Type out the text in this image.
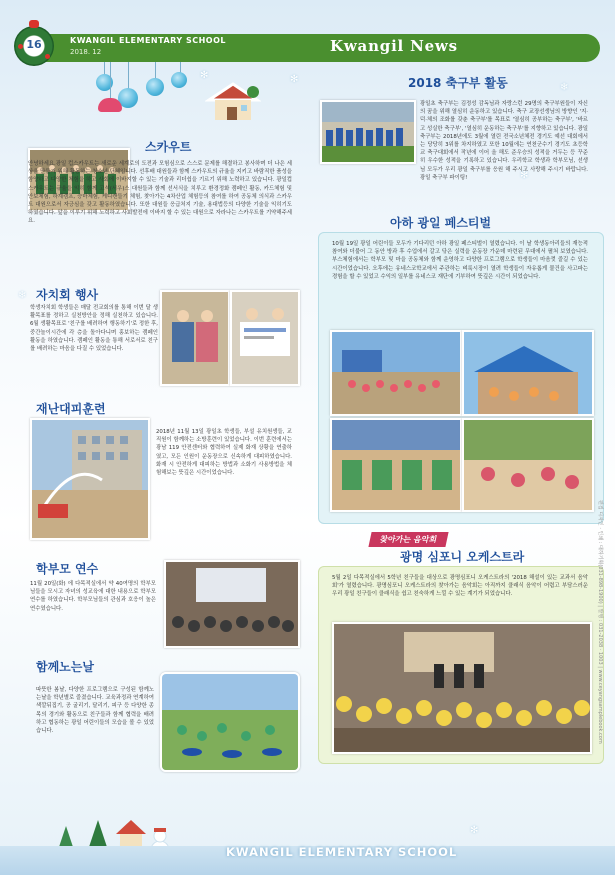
✻	✻
❄
✻
❄
✻
16	KWANGIL ELEMENTARY SCHOOL
2018. 12	Kwangil News
스카우트
안녕하세요.광일 컵스카우트는 새로운 세계로의 도전과 모험심으로 스스로 문제를 해결하고 봉사하며 더 나은 세상을 만들기 위해 활동하는 청소년 단체입니다. 선후배 대원들과 함께 스카우트의 규율을 지키고 바람직한 품성을 함양하고 다양한 체험을 하고 사회에 이바지할 수 있는 기술과 리더쉽을 기르기 위해 노력하고 있습니다. 광일컵스카우트는 규율을 익히 함께 고석(서우)스 대원들과 함께 선서식을 치루고 환경정화 캠페인 활동, 카드체험 및 안보체험, 하계캠프, 승마체험, 케디캔들기 체험, 찾아가는 4차산업 체험등의 참여를 하여 공동체 의식과 스카우트 대원으로서 자긍심을 갖고 활동하였습니다. 또한 대원들 응급처지 기술, 용대법등의 다양한 기술을 익히기도 하였습니다. 앞을 이루기 위해 노력하고 사회발전에 이바지 할 수 있는 대원으로 자라나는 스카우트를 기약해주세요.
2018 축구부 활동
광일초 축구부는 김정성 감독님과 자랑스런 29명의 축구부원들이 자신의 꿈을 위해 열심히 운동하고 있습니다. 축구 교장선생님의 방향인 '지·덕·체의 조화를 갖춘 축구부'를 목표로 '열심히 공부하는 축구부', '바르고 성실한 축구부', '열심히 운동하는 축구부'를 지향하고 있습니다. 광일 축구부는 2018년에도 3월에 열린 전국소년체전 경기도 예선 대회에서는 당당히 3위를 차지하였고 또한 10월에는 연천군수기 경기도 초등학교 축구대회에서 작년에 이어 올 해도 준우승의 성적을 거두는 등 꾸준히 우수한 성적을 기록하고 있습니다. 우리학교 학생과 학부모님, 선생님 모두가 우리 광일 축구부를 응원 해 주시고 사랑해 주시기 바랍니다. 광일 축구부 파이팅!
아하 광일 페스티벌
10월 19일 광일 어린이들 모두가 기다리던 아하 광일 페스티벌이 열렸습니다. 이 날 학생동아리들의 재능적 참여와 더불어 그 동안 방과 후 수업에서 갈고 닦은 실력을 운동장 가운데 마련된 무대에서 펼쳐 보였습니다. 부스체험에서는 학부모 및 마을 공동체와 함께 운영하고 다양한 프로그램으로 학생들이 마음껏 즐길 수 있는 시간이었습니다. 오후에는 유네스코학교에서 주관하는 벼룩시장이 열려 학생들이 자유롭게 물건을 사고파는 경험을 할 수 있었고 수익의 일부를 유네스코 재단에 기부하여 뜻깊은 시간이 되었습니다.
자치회 행사
학생자치회 학생들은 매달 전교회의를 통해 이번 달 생활목표를 정하고 실천방안을 정해 실천하고 있습니다. 6월 생활목표로 '친구를 배려하여 행동하기'로 정한 후, 중간놀이시간에 각 층을 돌아다니며 홍보하는 캠페인 활동을 하였습니다. 캠페인 활동을 통해 서로서로 친구를 배려하는 마음을 다질 수 있었습니다.
재난대피훈련
2018년 11월 13일 광일초 학생들, 부설 유치원생들, 교직원이 함께하는 소방훈련이 있었습니다. 이번 훈련에서는 광남 119 안전센터와 협력하여 실제 화재 상황을 연출하였고, 모든 인원이 운동장으로 신속하게 대피하였습니다. 화재 시 안전하게 대피하는 방법과 소화기 사용방법을 체험해보는 뜻깊은 시간이었습니다.
학부모 연수
11월 20일(화) 에 다목적실에서 약 40여명의 학부모님들을 모시고 자녀의 성교육에 대한 내용으로 학부모 연수를 하였습니다. 학부모님들의 관심과 호응이 높은 연수였습니다.
함께노는날
따뜻한 봄날, 다양한 프로그램으로 구성된 함께노는날을 학년별로 즐겼습니다. 교육과정과 연계하여 색깔뒤집기, 공 굴리기, 달리기, 피구 등 다양한 종목의 경기와 활동으로 친구들과 함께 협력을 배려하고 협동하는 광일 어린이들의 모습을 볼 수 있었습니다.
찾아가는 음악회
광명 심포니 오케스트라
5월 2일 다목적실에서 5학년 친구들을 대상으로 광명심포니 오케스트라의 '2018 해설이 있는 교과서 음악회'가 열렸습니다. 광명심포니 오케스트라의 찾아가는 음악회는 아직까지 클래식 음악이 어렵고 부담스러운 우리 광일 친구들이 클래식을 쉽고 친숙하게 느낄 수 있는 계기가 되었습니다.
KWANGIL ELEMENTARY SCHOOL
편집 디자인 · 인쇄 : 대하기획(031-898-1900) | 발행 : 031-2038 · 1003 | www.ceyangsamplebook.com
